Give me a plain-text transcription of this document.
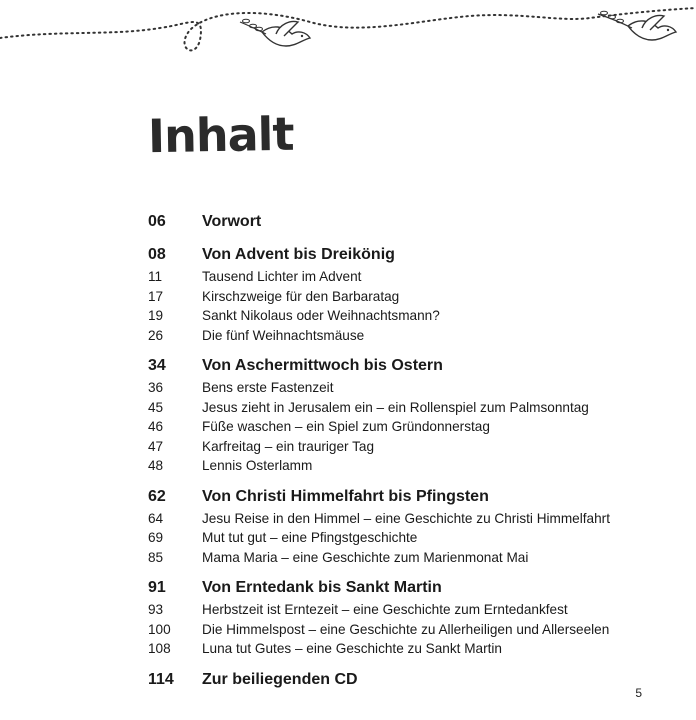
Inhalt
06	Vorwort
08	Von Advent bis Dreikönig
11	Tausend Lichter im Advent
17	Kirschzweige für den Barbaratag
19	Sankt Nikolaus oder Weihnachtsmann?
26	Die fünf Weihnachtsmäuse
34	Von Aschermittwoch bis Ostern
36	Bens erste Fastenzeit
45	Jesus zieht in Jerusalem ein – ein Rollenspiel zum Palmsonntag
46	Füße waschen – ein Spiel zum Gründonnerstag
47	Karfreitag – ein trauriger Tag
48	Lennis Osterlamm
62	Von Christi Himmelfahrt bis Pfingsten
64	Jesu Reise in den Himmel – eine Geschichte zu Christi Himmelfahrt
69	Mut tut gut – eine Pfingstgeschichte
85	Mama Maria – eine Geschichte zum Marienmonat Mai
91	Von Erntedank bis Sankt Martin
93	Herbstzeit ist Erntezeit – eine Geschichte zum Erntedankfest
100	Die Himmelspost – eine Geschichte zu Allerheiligen und Allerseelen
108	Luna tut Gutes – eine Geschichte zu Sankt Martin
114	Zur beiliegenden CD
5
